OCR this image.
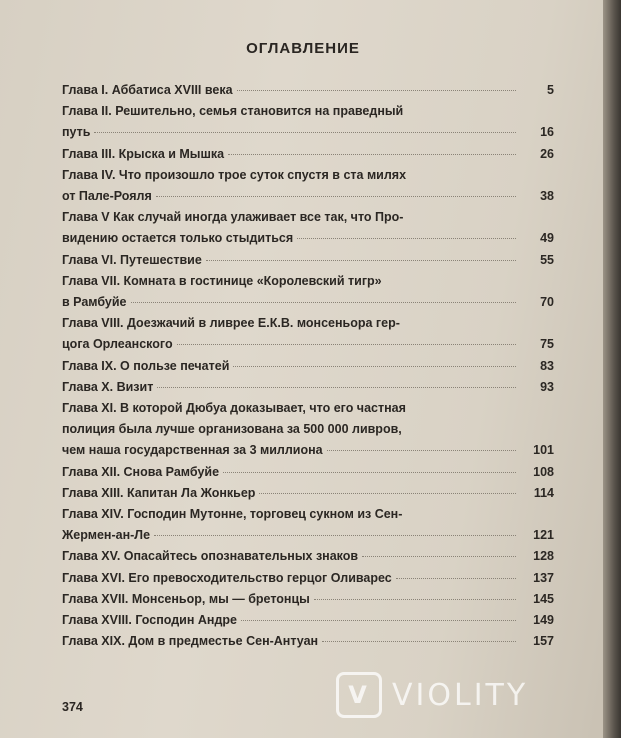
ОГЛАВЛЕНИЕ
Глава I. Аббатиса XVIII века	5
Глава II. Решительно, семья становится на праведный
путь	16
Глава III. Крыска и Мышка	26
Глава IV. Что произошло трое суток спустя в ста милях
от Пале-Рояля	38
Глава V Как случай иногда улаживает все так, что Про-
видению остается только стыдиться	49
Глава VI. Путешествие	55
Глава VII. Комната в гостинице «Королевский тигр»
в Рамбуйе	70
Глава VIII. Доезжачий в ливрее Е.К.В. монсеньора гер-
цога Орлеанского	75
Глава IX. О пользе печатей	83
Глава X. Визит	93
Глава XI. В которой Дюбуа доказывает, что его частная
полиция была лучше организована за 500 000 ливров,
чем наша государственная за 3 миллиона	101
Глава XII. Снова Рамбуйе	108
Глава XIII. Капитан Ла Жонкьер	114
Глава XIV. Господин Мутонне, торговец сукном из Сен-
Жермен-ан-Ле	121
Глава XV. Опасайтесь опознавательных знаков	128
Глава XVI. Его превосходительство герцог Оливарес	137
Глава XVII. Монсеньор, мы — бретонцы	145
Глава XVIII. Господин Андре	149
Глава XIX. Дом в предместье Сен-Антуан	157
374	V VIOLITY
